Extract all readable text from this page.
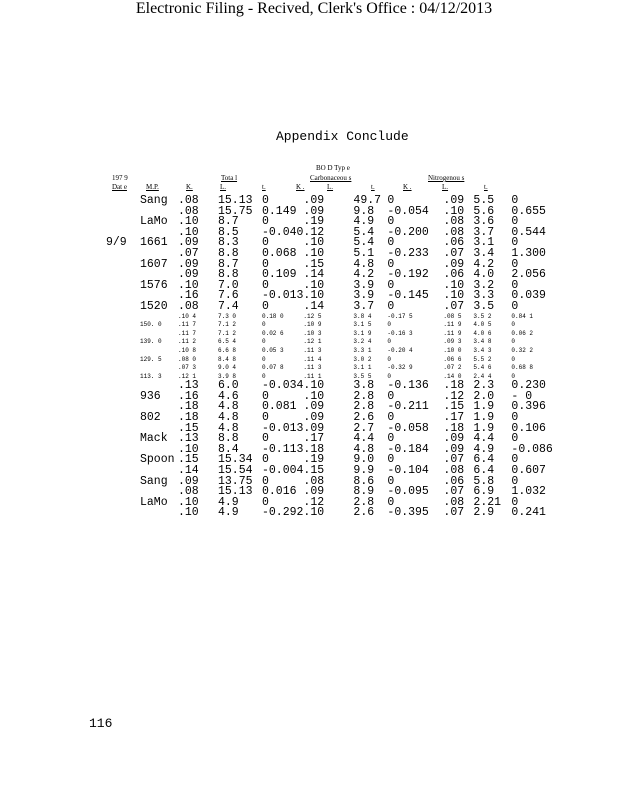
Electronic Filing - Recived, Clerk's Office : 04/12/2013
Appendix Conclude
BO D Typ e
197 9
Dat e	M.P.
Tota l	Carbonaceou s	Nitrogenou s
K.	L.	t.	K .	L.	t.	K .	L.	t.
	Sang	.08	15.13	0	.09	49.7	0	.09	5.5	0
		.08	15.75	0.149	.09	9.8	-0.054	.10	5.6	0.655
	LaMo	.10	8.7	0	.19	4.9	0	.08	3.6	0
		.10	8.5	-0.040	.12	5.4	-0.200	.08	3.7	0.544
9/9	1661	.09	8.3	0	.10	5.4	0	.06	3.1	0
		.07	8.8	0.068	.10	5.1	-0.233	.07	3.4	1.300
	1607	.09	8.7	0	.15	4.8	0	.09	4.2	0
		.09	8.8	0.109	.14	4.2	-0.192	.06	4.0	2.056
	1576	.10	7.0	0	.10	3.9	0	.10	3.2	0
		.16	7.6	-0.013	.10	3.9	-0.145	.10	3.3	0.039
	1520	.08	7.4	0	.14	3.7	0	.07	3.5	0
		.10 4	7.3 0	0.18 0	.12 5	3.8 4	-0.17 5	.08 5	3.5 2	0.84 1
	150. 0	.11 7	7.1 2	0	.10 9	3.1 5	0	.11 9	4.0 5	0
		.11 7	7.1 2	0.02 6	.10 3	3.1 9	-0.16 3	.11 9	4.0 6	0.06 2
	139. 0	.11 2	6.5 4	0	.12 1	3.2 4	0	.09 3	3.4 8	0
		.10 8	6.6 8	0.05 3	.11 3	3.3 1	-0.20 4	.10 0	3.4 3	0.32 2
	129. 5	.08 0	8.4 8	0	.11 4	3.0 2	0	.06 6	5.5 2	0
		.07 3	9.0 4	0.07 8	.11 3	3.1 1	-0.32 9	.07 2	5.4 6	0.68 8
	113. 3	.12 1	3.9 8	0	.11 1	3.5 5	0	.14 0	2.4 4	0
		.13	6.0	-0.034	.10	3.8	-0.136	.18	2.3	0.230
	936	.16	4.6	0	.10	2.8	0	.12	2.0	- 0
		.18	4.8	0.081	.09	2.8	-0.211	.15	1.9	0.396
	802	.18	4.8	0	.09	2.6	0	.17	1.9	0
		.15	4.8	-0.013	.09	2.7	-0.058	.18	1.9	0.106
	Mack	.13	8.8	0	.17	4.4	0	.09	4.4	0
		.10	8.4	-0.113	.18	4.8	-0.184	.09	4.9	-0.086
	Spoon	.15	15.34	0	.19	9.0	0	.07	6.4	0
		.14	15.54	-0.004	.15	9.9	-0.104	.08	6.4	0.607
	Sang	.09	13.75	0	.08	8.6	0	.06	5.8	0
		.08	15.13	0.016	.09	8.9	-0.095	.07	6.9	1.032
	LaMo	.10	4.9	0	.12	2.8	0	.08	2.21	0
		.10	4.9	-0.292	.10	2.6	-0.395	.07	2.9	0.241
116
